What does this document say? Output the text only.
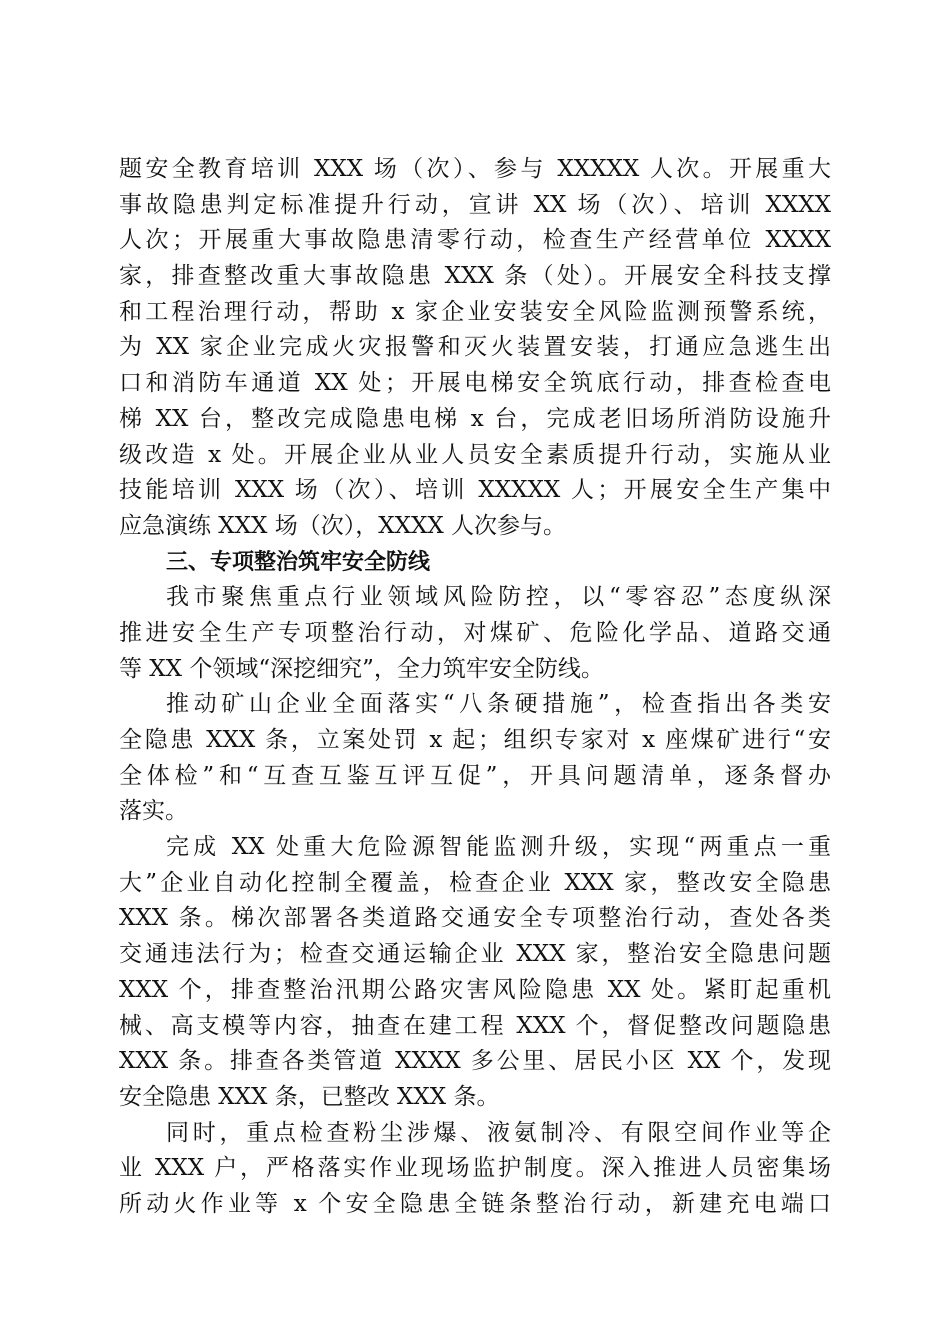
题安全教育培训 XXX 场（次）、参与 XXXXX 人次。开展重大
事故隐患判定标准提升行动，宣讲 XX 场（次）、培训 XXXX
人次；开展重大事故隐患清零行动，检查生产经营单位 XXXX
家，排查整改重大事故隐患 XXX 条（处）。开展安全科技支撑
和工程治理行动，帮助 x 家企业安装安全风险监测预警系统，
为 XX 家企业完成火灾报警和灭火装置安装，打通应急逃生出
口和消防车通道 XX 处；开展电梯安全筑底行动，排查检查电
梯 XX 台，整改完成隐患电梯 x 台，完成老旧场所消防设施升
级改造 x 处。开展企业从业人员安全素质提升行动，实施从业
技能培训 XXX 场（次）、培训 XXXXX 人；开展安全生产集中
应急演练 XXX 场（次），XXXX 人次参与。
三、专项整治筑牢安全防线
我市聚焦重点行业领域风险防控，以“零容忍”态度纵深
推进安全生产专项整治行动，对煤矿、危险化学品、道路交通
等 XX 个领域“深挖细究”，全力筑牢安全防线。
推动矿山企业全面落实“八条硬措施”，检查指出各类安
全隐患 XXX 条，立案处罚 x 起；组织专家对 x 座煤矿进行“安
全体检”和“互查互鉴互评互促”，开具问题清单，逐条督办
落实。
完成 XX 处重大危险源智能监测升级，实现“两重点一重
大”企业自动化控制全覆盖，检查企业 XXX 家，整改安全隐患
XXX 条。梯次部署各类道路交通安全专项整治行动，查处各类
交通违法行为；检查交通运输企业 XXX 家，整治安全隐患问题
XXX 个，排查整治汛期公路灾害风险隐患 XX 处。紧盯起重机
械、高支模等内容，抽查在建工程 XXX 个，督促整改问题隐患
XXX 条。排查各类管道 XXXX 多公里、居民小区 XX 个，发现
安全隐患 XXX 条，已整改 XXX 条。
同时，重点检查粉尘涉爆、液氨制冷、有限空间作业等企
业 XXX 户，严格落实作业现场监护制度。深入推进人员密集场
所动火作业等 x 个安全隐患全链条整治行动，新建充电端口
